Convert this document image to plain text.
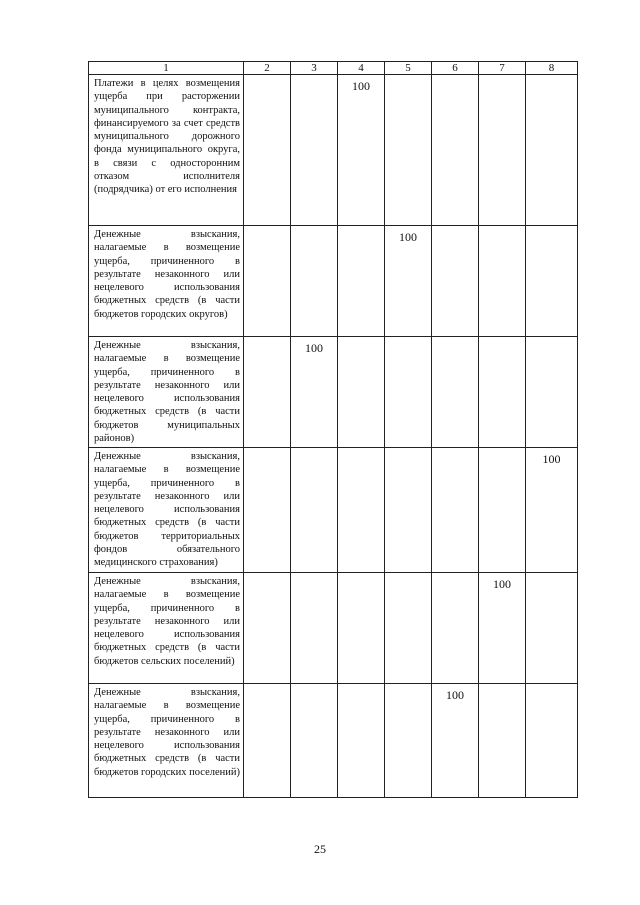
1	2	3	4	5	6	7	8
Платежи в целях возмещения ущерба при расторжении муниципального контракта, финансируемого за счет средств муниципального дорожного фонда муниципального округа, в связи с односторонним отказом исполнителя (подрядчика) от его исполнения			100				
Денежные взыскания, налагаемые в возмещение ущерба, причиненного в результате незаконного или нецелевого использования бюджетных средств (в части бюджетов городских округов)				100			
Денежные взыскания, налагаемые в возмещение ущерба, причиненного в результате незаконного или нецелевого использования бюджетных средств (в части бюджетов муниципальных районов)		100					
Денежные взыскания, налагаемые в возмещение ущерба, причиненного в результате незаконного или нецелевого использования бюджетных средств (в части бюджетов территориальных фондов обязательного медицинского страхования)							100
Денежные взыскания, налагаемые в возмещение ущерба, причиненного в результате незаконного или нецелевого использования бюджетных средств (в части бюджетов сельских поселений)						100	
Денежные взыскания, налагаемые в возмещение ущерба, причиненного в результате незаконного или нецелевого использования бюджетных средств (в части бюджетов городских поселений)					100		
25
